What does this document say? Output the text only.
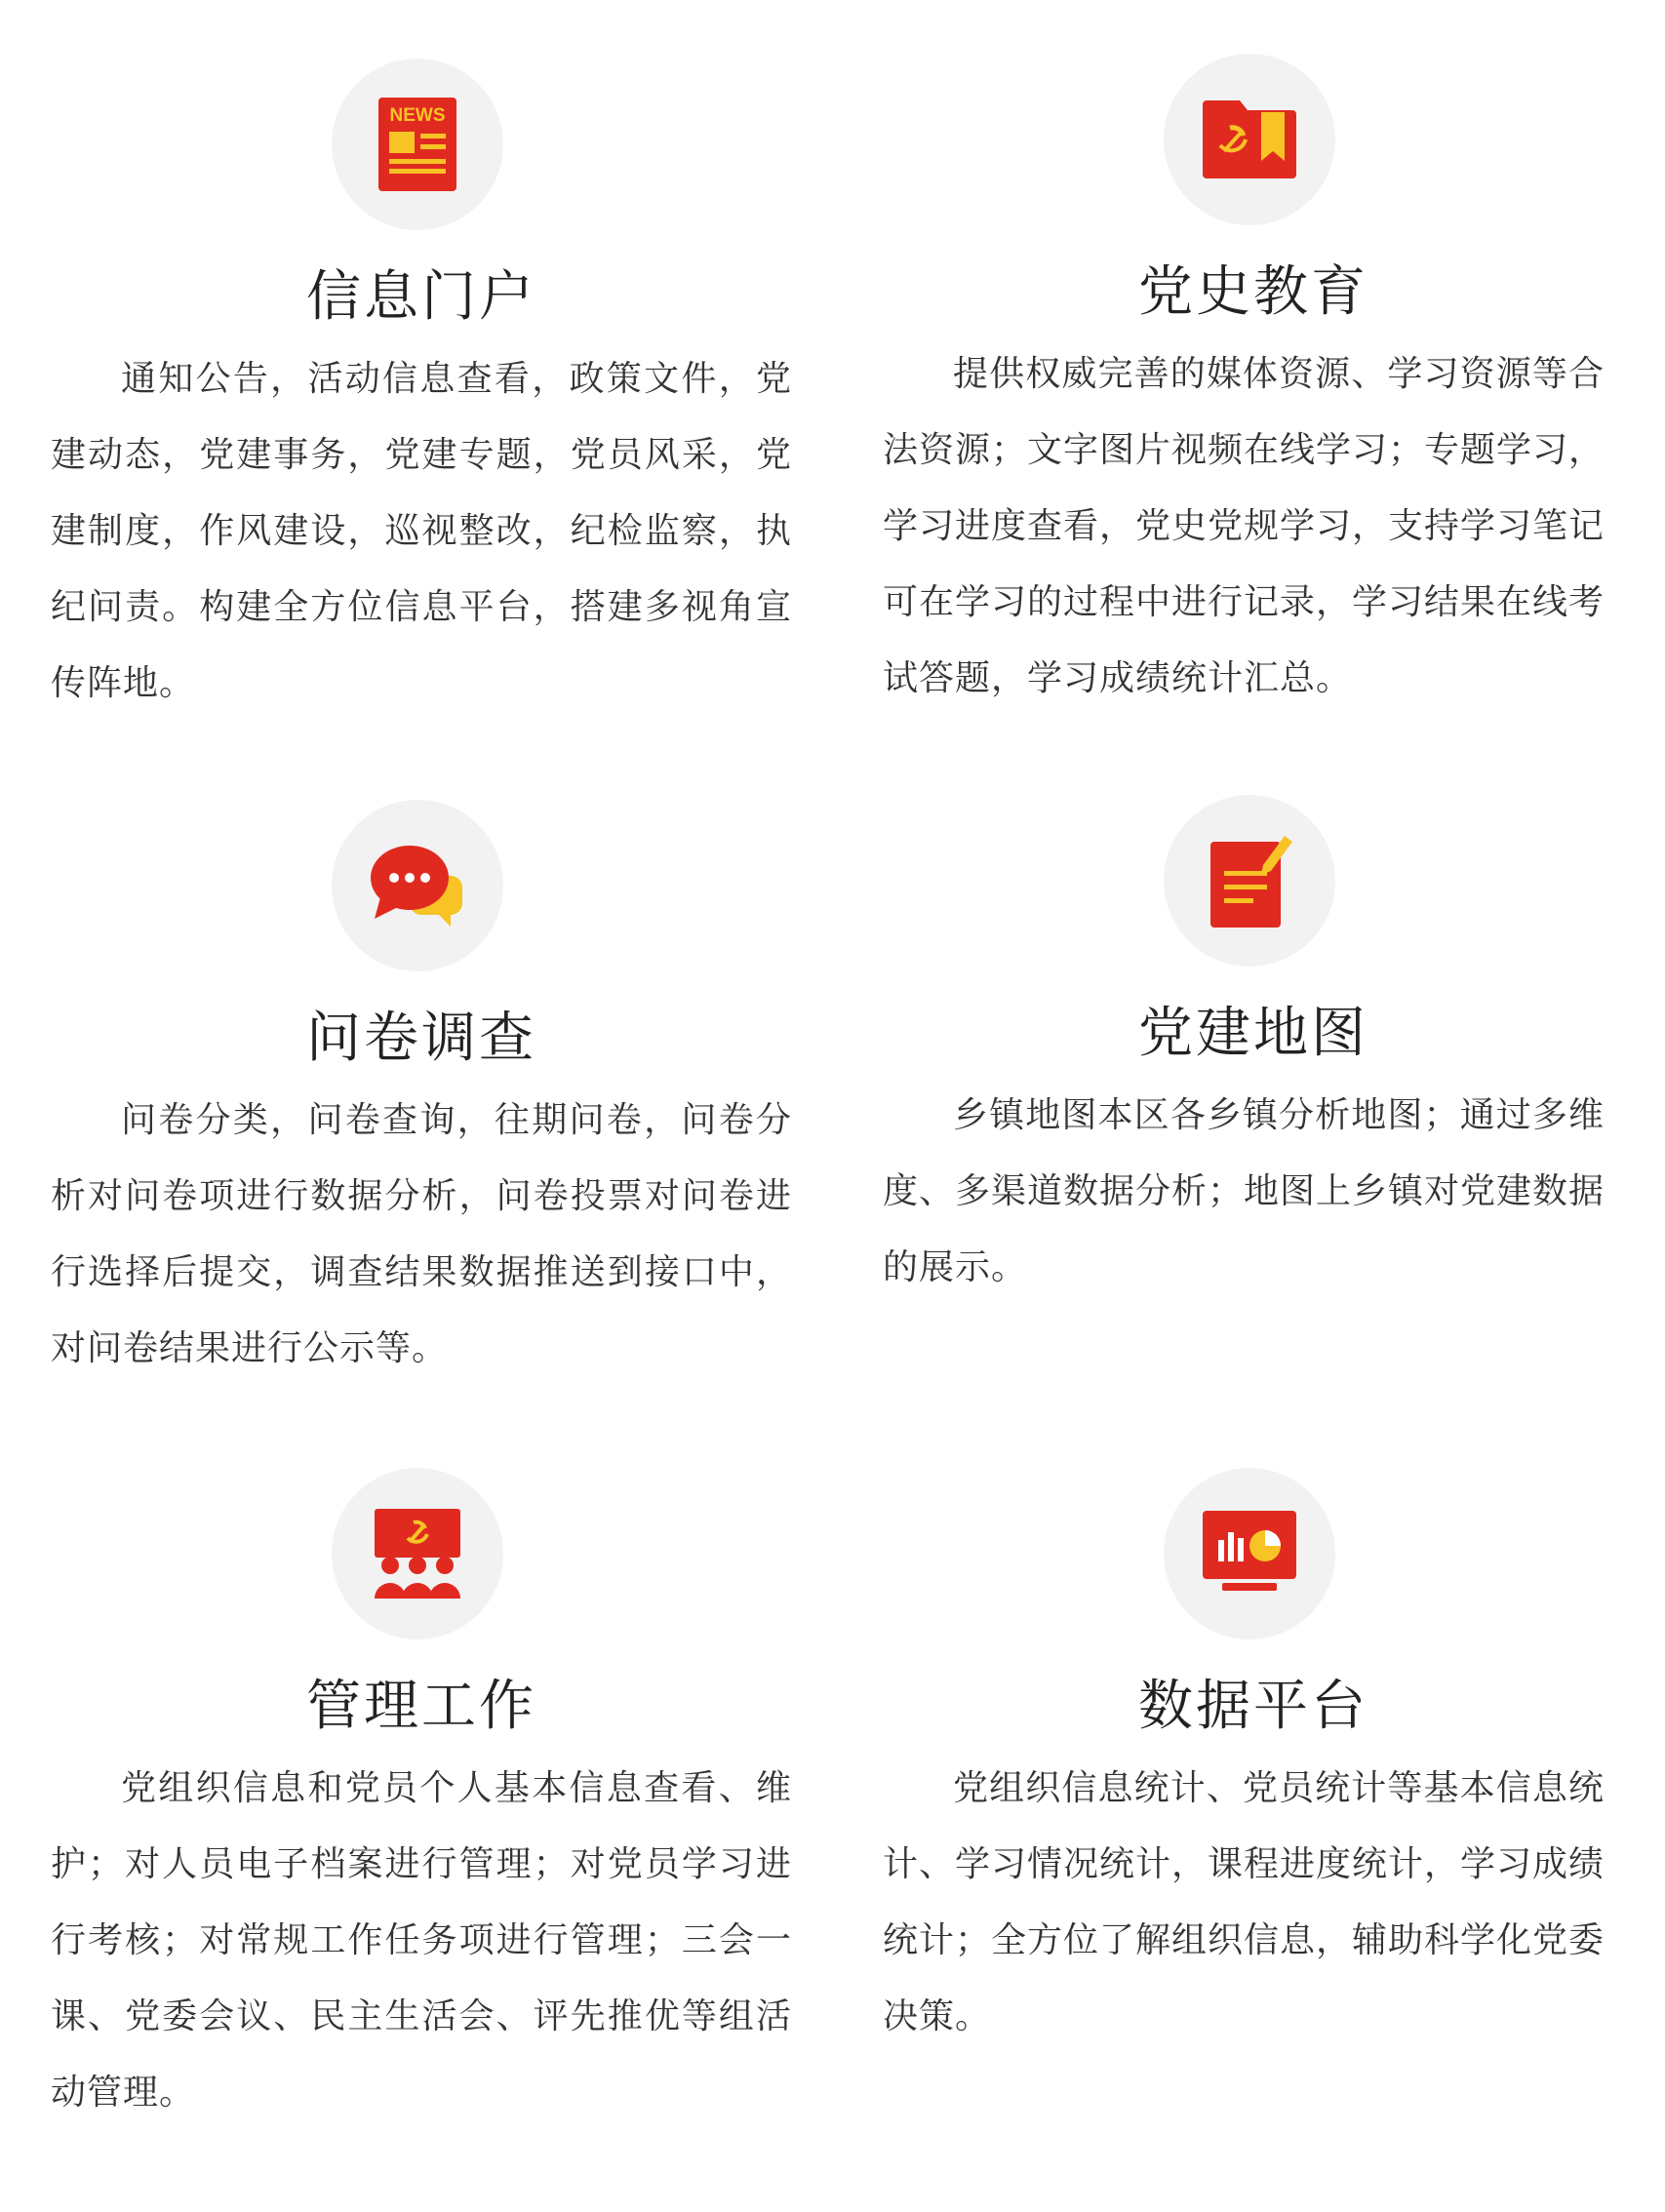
NEWS
信息门户

通知公告，活动信息查看，政策文件，党建动态，党建事务，党建专题，党员风采，党建制度，作风建设，巡视整改，纪检监察，执纪问责。构建全方位信息平台，搭建多视角宣传阵地。

党史教育

提供权威完善的媒体资源、学习资源等合法资源；文字图片视频在线学习；专题学习，学习进度查看，党史党规学习，支持学习笔记可在学习的过程中进行记录，学习结果在线考试答题，学习成绩统计汇总。

问卷调查

问卷分类，问卷查询，往期问卷，问卷分析对问卷项进行数据分析，问卷投票对问卷进行选择后提交，调查结果数据推送到接口中，对问卷结果进行公示等。

党建地图

乡镇地图本区各乡镇分析地图；通过多维度、多渠道数据分析；地图上乡镇对党建数据的展示。

管理工作

党组织信息和党员个人基本信息查看、维护；对人员电子档案进行管理；对党员学习进行考核；对常规工作任务项进行管理；三会一课、党委会议、民主生活会、评先推优等组活动管理。

数据平台

党组织信息统计、党员统计等基本信息统计、学习情况统计，课程进度统计，学习成绩统计；全方位了解组织信息，辅助科学化党委决策。
